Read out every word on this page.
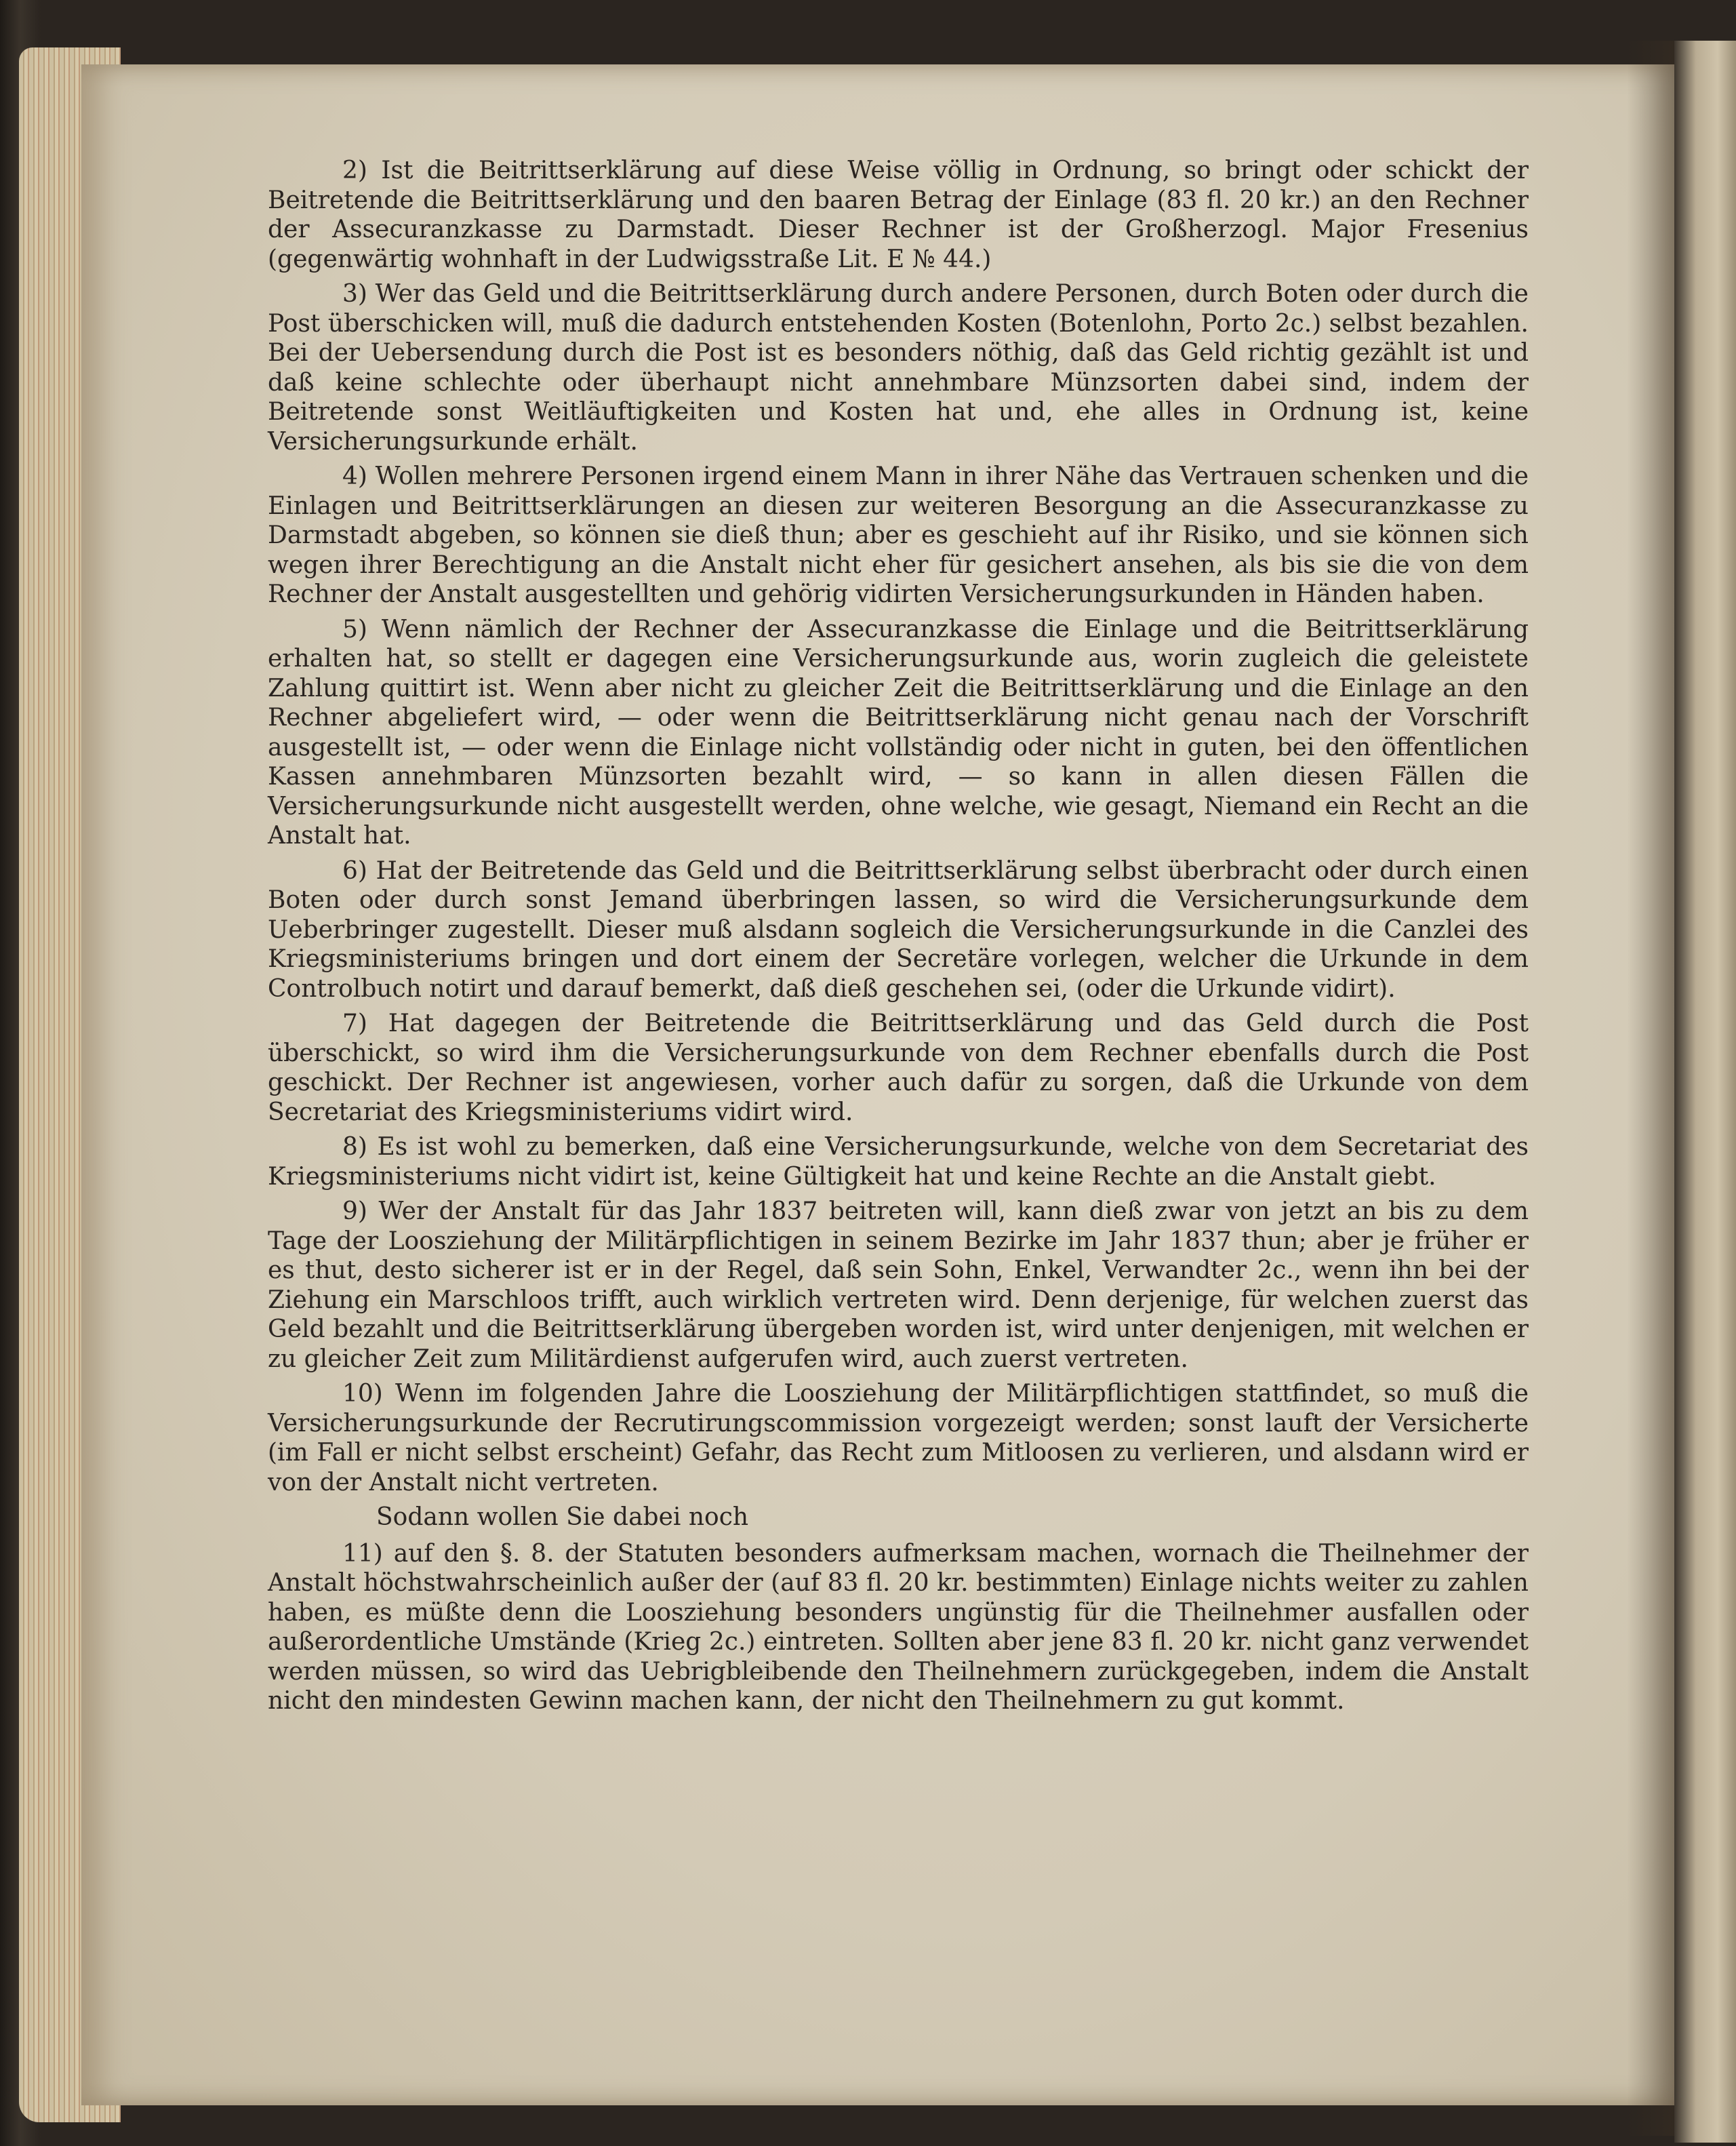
2) Ist die Beitrittserklärung auf diese Weise völlig in Ordnung, so bringt oder schickt der Beitretende die Beitrittserklärung und den baaren Betrag der Einlage (83 fl. 20 kr.) an den Rechner der Assecuranzkasse zu Darmstadt. Dieser Rechner ist der Großherzogl. Major Fresenius (gegenwärtig wohnhaft in der Ludwigsstraße Lit. E № 44.)

3) Wer das Geld und die Beitrittserklärung durch andere Personen, durch Boten oder durch die Post überschicken will, muß die dadurch entstehenden Kosten (Botenlohn, Porto 2c.) selbst bezahlen. Bei der Uebersendung durch die Post ist es besonders nöthig, daß das Geld richtig gezählt ist und daß keine schlechte oder überhaupt nicht annehmbare Münzsorten dabei sind, indem der Beitretende sonst Weitläuftigkeiten und Kosten hat und, ehe alles in Ordnung ist, keine Versicherungsurkunde erhält.

4) Wollen mehrere Personen irgend einem Mann in ihrer Nähe das Vertrauen schenken und die Einlagen und Beitrittserklärungen an diesen zur weiteren Besorgung an die Assecuranzkasse zu Darmstadt abgeben, so können sie dieß thun; aber es geschieht auf ihr Risiko, und sie können sich wegen ihrer Berechtigung an die Anstalt nicht eher für gesichert ansehen, als bis sie die von dem Rechner der Anstalt ausgestellten und gehörig vidirten Versicherungsurkunden in Händen haben.

5) Wenn nämlich der Rechner der Assecuranzkasse die Einlage und die Beitrittserklärung erhalten hat, so stellt er dagegen eine Versicherungsurkunde aus, worin zugleich die geleistete Zahlung quittirt ist. Wenn aber nicht zu gleicher Zeit die Beitrittserklärung und die Einlage an den Rechner abgeliefert wird, — oder wenn die Beitrittserklärung nicht genau nach der Vorschrift ausgestellt ist, — oder wenn die Einlage nicht vollständig oder nicht in guten, bei den öffentlichen Kassen annehmbaren Münzsorten bezahlt wird, — so kann in allen diesen Fällen die Versicherungsurkunde nicht ausgestellt werden, ohne welche, wie gesagt, Niemand ein Recht an die Anstalt hat.

6) Hat der Beitretende das Geld und die Beitrittserklärung selbst überbracht oder durch einen Boten oder durch sonst Jemand überbringen lassen, so wird die Versicherungsurkunde dem Ueberbringer zugestellt. Dieser muß alsdann sogleich die Versicherungsurkunde in die Canzlei des Kriegsministeriums bringen und dort einem der Secretäre vorlegen, welcher die Urkunde in dem Controlbuch notirt und darauf bemerkt, daß dieß geschehen sei, (oder die Urkunde vidirt).

7) Hat dagegen der Beitretende die Beitrittserklärung und das Geld durch die Post überschickt, so wird ihm die Versicherungsurkunde von dem Rechner ebenfalls durch die Post geschickt. Der Rechner ist angewiesen, vorher auch dafür zu sorgen, daß die Urkunde von dem Secretariat des Kriegsministeriums vidirt wird.

8) Es ist wohl zu bemerken, daß eine Versicherungsurkunde, welche von dem Secretariat des Kriegsministeriums nicht vidirt ist, keine Gültigkeit hat und keine Rechte an die Anstalt giebt.

9) Wer der Anstalt für das Jahr 1837 beitreten will, kann dieß zwar von jetzt an bis zu dem Tage der Loosziehung der Militärpflichtigen in seinem Bezirke im Jahr 1837 thun; aber je früher er es thut, desto sicherer ist er in der Regel, daß sein Sohn, Enkel, Verwandter 2c., wenn ihn bei der Ziehung ein Marschloos trifft, auch wirklich vertreten wird. Denn derjenige, für welchen zuerst das Geld bezahlt und die Beitrittserklärung übergeben worden ist, wird unter denjenigen, mit welchen er zu gleicher Zeit zum Militärdienst aufgerufen wird, auch zuerst vertreten.

10) Wenn im folgenden Jahre die Loosziehung der Militärpflichtigen stattfindet, so muß die Versicherungsurkunde der Recrutirungscommission vorgezeigt werden; sonst lauft der Versicherte (im Fall er nicht selbst erscheint) Gefahr, das Recht zum Mitloosen zu verlieren, und alsdann wird er von der Anstalt nicht vertreten.

Sodann wollen Sie dabei noch

11) auf den §. 8. der Statuten besonders aufmerksam machen, wornach die Theilnehmer der Anstalt höchstwahrscheinlich außer der (auf 83 fl. 20 kr. bestimmten) Einlage nichts weiter zu zahlen haben, es müßte denn die Loosziehung besonders ungünstig für die Theilnehmer ausfallen oder außerordentliche Umstände (Krieg 2c.) eintreten. Sollten aber jene 83 fl. 20 kr. nicht ganz verwendet werden müssen, so wird das Uebrigbleibende den Theilnehmern zurückgegeben, indem die Anstalt nicht den mindesten Gewinn machen kann, der nicht den Theilnehmern zu gut kommt.
